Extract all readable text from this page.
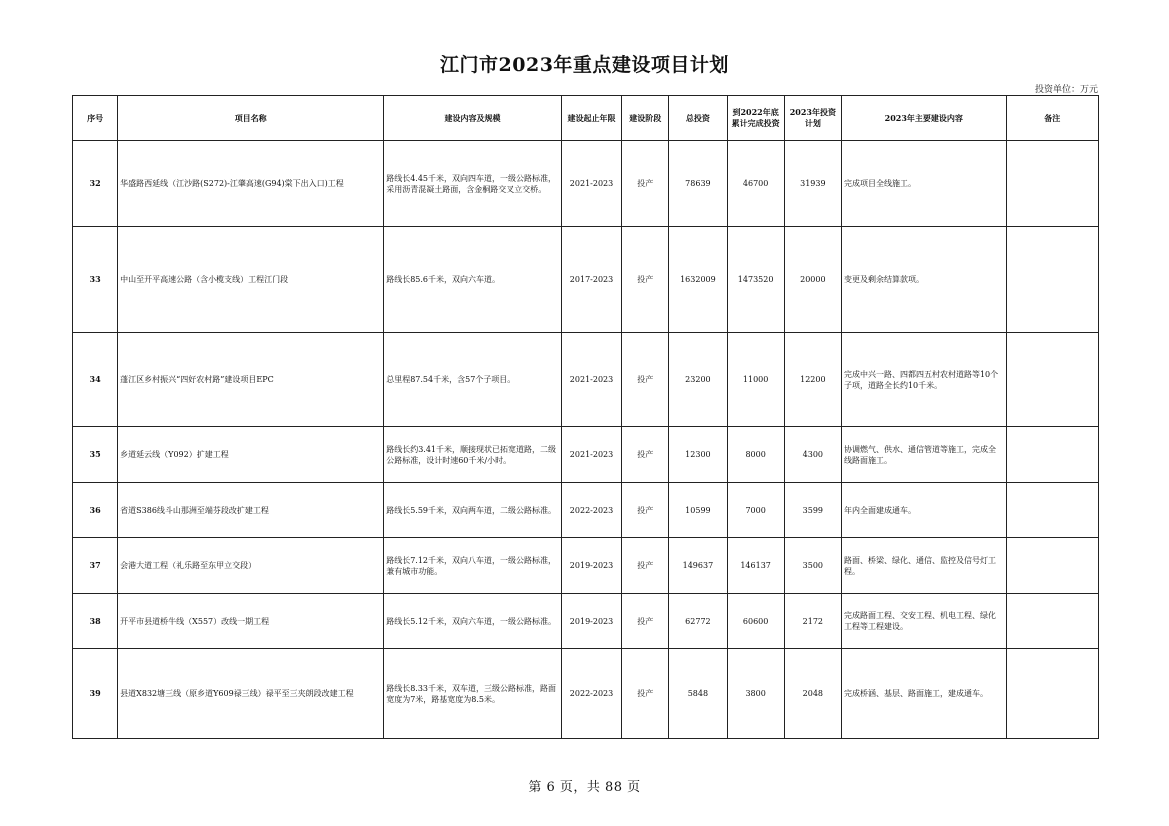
江门市2023年重点建设项目计划
投资单位：万元
序号	项目名称	建设内容及规模	建设起止年限	建设阶段	总投资	到2022年底累计完成投资	2023年投资计划	2023年主要建设内容	备注
32	华盛路西延线（江沙路(S272)-江肇高速(G94)棠下出入口)工程	路线长4.45千米，双向四车道，一级公路标准，采用沥青混凝土路面，含金桐路交叉立交桥。	2021-2023	投产	78639	46700	31939	完成项目全线施工。	
33	中山至开平高速公路（含小榄支线）工程江门段	路线长85.6千米，双向六车道。	2017-2023	投产	1632009	1473520	20000	变更及剩余结算款项。	
34	蓬江区乡村振兴“四好农村路”建设项目EPC	总里程87.54千米，含57个子项目。	2021-2023	投产	23200	11000	12200	完成中兴一路、四都四五村农村道路等10个子项，道路全长约10千米。	
35	乡道延云线（Y092）扩建工程	路线长约3.41千米，顺接现状已拓宽道路，二级公路标准，设计时速60千米/小时。	2021-2023	投产	12300	8000	4300	协调燃气、供水、通信管道等施工，完成全线路面施工。	
36	省道S386线斗山那洲至端芬段改扩建工程	路线长5.59千米，双向两车道，二级公路标准。	2022-2023	投产	10599	7000	3599	年内全面建成通车。	
37	会港大道工程（礼乐路至东甲立交段）	路线长7.12千米，双向八车道，一级公路标准，兼有城市功能。	2019-2023	投产	149637	146137	3500	路面、桥梁、绿化、通信、监控及信号灯工程。	
38	开平市县道桥牛线（X557）改线一期工程	路线长5.12千米，双向六车道，一级公路标准。	2019-2023	投产	62772	60600	2172	完成路面工程、交安工程、机电工程、绿化工程等工程建设。	
39	县道X832塘三线（原乡道Y609禄三线）禄平至三夹朗段改建工程	路线长8.33千米，双车道，三级公路标准，路面宽度为7米，路基宽度为8.5米。	2022-2023	投产	5848	3800	2048	完成桥涵、基层、路面施工，建成通车。	
第 6 页，共 88 页
